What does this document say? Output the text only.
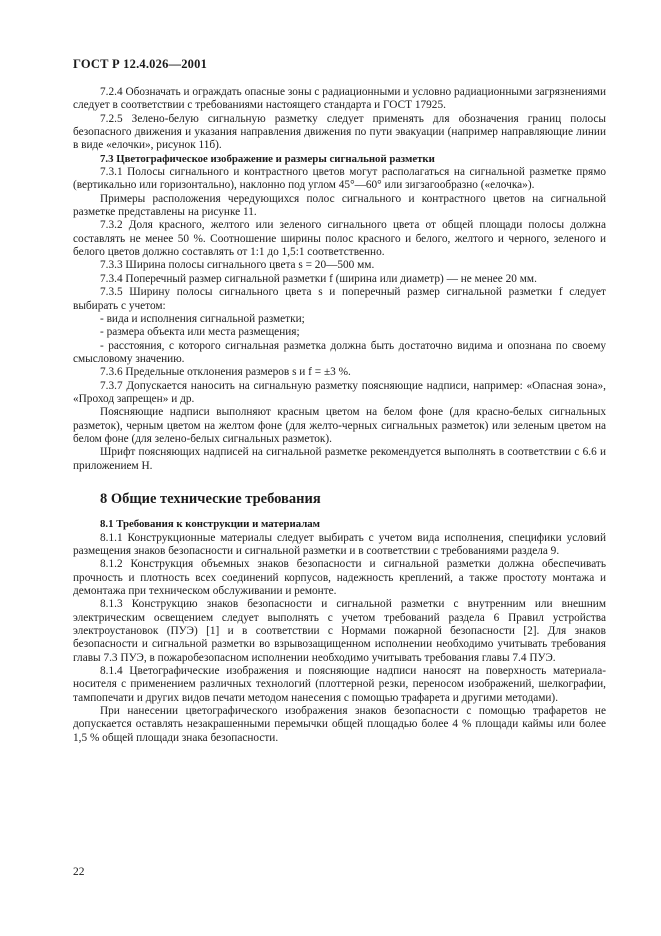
ГОСТ Р 12.4.026—2001

7.2.4 Обозначать и ограждать опасные зоны с радиационными и условно радиационными загрязнениями следует в соответствии с требованиями настоящего стандарта и ГОСТ 17925.

7.2.5 Зелено-белую сигнальную разметку следует применять для обозначения границ полосы безопасного движения и указания направления движения по пути эвакуации (например направляющие линии в виде «елочки», рисунок 11б).

7.3 Цветографическое изображение и размеры сигнальной разметки

7.3.1 Полосы сигнального и контрастного цветов могут располагаться на сигнальной разметке прямо (вертикально или горизонтально), наклонно под углом 45°—60° или зигзагообразно («елочка»).

Примеры расположения чередующихся полос сигнального и контрастного цветов на сигнальной разметке представлены на рисунке 11.

7.3.2 Доля красного, желтого или зеленого сигнального цвета от общей площади полосы должна составлять не менее 50 %. Соотношение ширины полос красного и белого, желтого и черного, зеленого и белого цветов должно составлять от 1:1 до 1,5:1 соответственно.

7.3.3 Ширина полосы сигнального цвета s = 20—500 мм.

7.3.4 Поперечный размер сигнальной разметки f (ширина или диаметр) — не менее 20 мм.

7.3.5 Ширину полосы сигнального цвета s и поперечный размер сигнальной разметки f следует выбирать с учетом:

- вида и исполнения сигнальной разметки;

- размера объекта или места размещения;

- расстояния, с которого сигнальная разметка должна быть достаточно видима и опознана по своему смысловому значению.

7.3.6 Предельные отклонения размеров s и f = ±3 %.

7.3.7 Допускается наносить на сигнальную разметку поясняющие надписи, например: «Опасная зона», «Проход запрещен» и др.

Поясняющие надписи выполняют красным цветом на белом фоне (для красно-белых сигнальных разметок), черным цветом на желтом фоне (для желто-черных сигнальных разметок) или зеленым цветом на белом фоне (для зелено-белых сигнальных разметок).

Шрифт поясняющих надписей на сигнальной разметке рекомендуется выполнять в соответствии с 6.6 и приложением Н.

8 Общие технические требования

8.1 Требования к конструкции и материалам

8.1.1 Конструкционные материалы следует выбирать с учетом вида исполнения, специфики условий размещения знаков безопасности и сигнальной разметки и в соответствии с требованиями раздела 9.

8.1.2 Конструкция объемных знаков безопасности и сигнальной разметки должна обеспечивать прочность и плотность всех соединений корпусов, надежность креплений, а также простоту монтажа и демонтажа при техническом обслуживании и ремонте.

8.1.3 Конструкцию знаков безопасности и сигнальной разметки с внутренним или внешним электрическим освещением следует выполнять с учетом требований раздела 6 Правил устройства электроустановок (ПУЭ) [1] и в соответствии с Нормами пожарной безопасности [2]. Для знаков безопасности и сигнальной разметки во взрывозащищенном исполнении необходимо учитывать требования главы 7.3 ПУЭ, в пожаробезопасном исполнении необходимо учитывать требования главы 7.4 ПУЭ.

8.1.4 Цветографические изображения и поясняющие надписи наносят на поверхность материала-носителя с применением различных технологий (плоттерной резки, переносом изображений, шелкографии, тампопечати и других видов печати методом нанесения с помощью трафарета и другими методами).

При нанесении цветографического изображения знаков безопасности с помощью трафаретов не допускается оставлять незакрашенными перемычки общей площадью более 4 % площади каймы или более 1,5 % общей площади знака безопасности.

22
